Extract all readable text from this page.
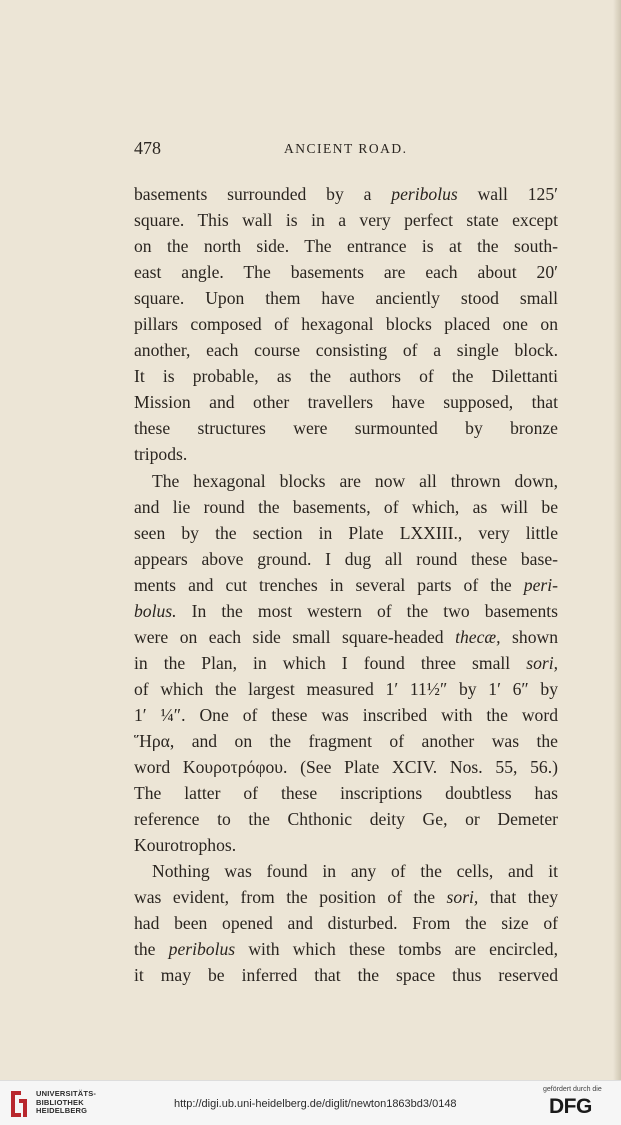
478	ANCIENT ROAD.
basements surrounded by a peribolus wall 125′
square. This wall is in a very perfect state except
on the north side. The entrance is at the south-
east angle. The basements are each about 20′
square. Upon them have anciently stood small
pillars composed of hexagonal blocks placed one on
another, each course consisting of a single block.
It is probable, as the authors of the Dilettanti
Mission and other travellers have supposed, that
these structures were surmounted by bronze
tripods.
The hexagonal blocks are now all thrown down,
and lie round the basements, of which, as will be
seen by the section in Plate LXXIII., very little
appears above ground. I dug all round these base-
ments and cut trenches in several parts of the peri-
bolus. In the most western of the two basements
were on each side small square-headed thecæ, shown
in the Plan, in which I found three small sori,
of which the largest measured 1′ 11½″ by 1′ 6″ by
1′ ¼″. One of these was inscribed with the word
Ἥρα, and on the fragment of another was the
word Κουροτρόφου. (See Plate XCIV. Nos. 55, 56.)
The latter of these inscriptions doubtless has
reference to the Chthonic deity Ge, or Demeter
Kourotrophos.
Nothing was found in any of the cells, and it
was evident, from the position of the sori, that they
had been opened and disturbed. From the size of
the peribolus with which these tombs are encircled,
it may be inferred that the space thus reserved
UNIVERSITÄTS-
BIBLIOTHEK
HEIDELBERG
http://digi.ub.uni-heidelberg.de/diglit/newton1863bd3/0148
gefördert durch die
DFG
